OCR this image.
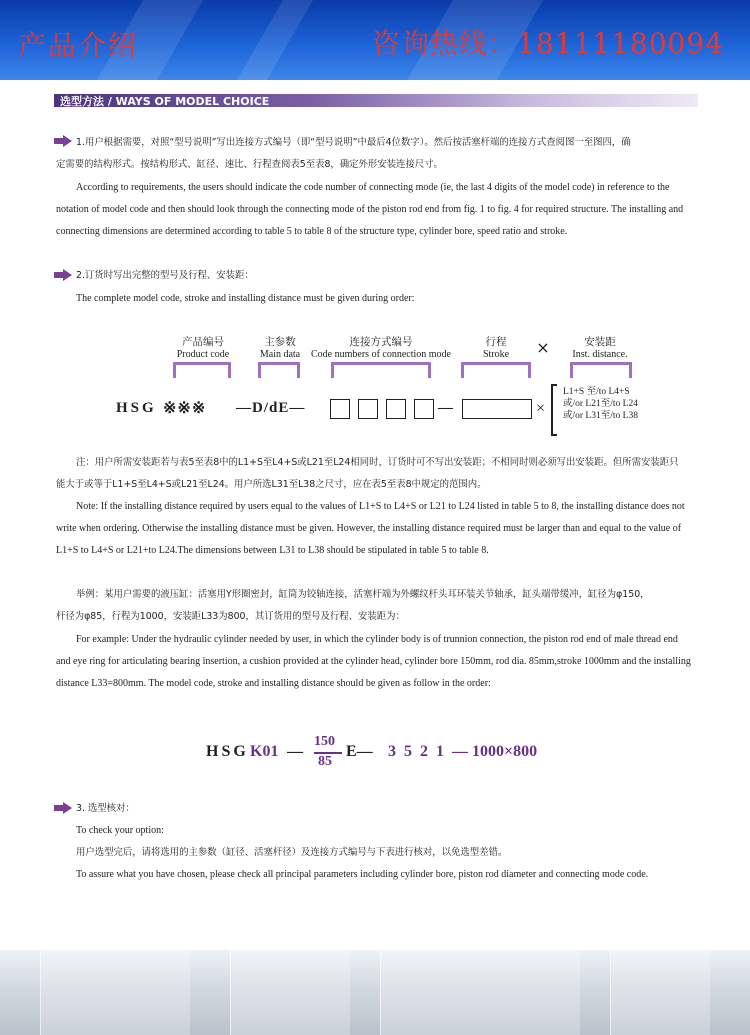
产品介绍	咨询热线：18111180094
选型方法 / WAYS OF MODEL CHOICE
1.用户根据需要，对照“型号说明”写出连接方式编号（即“型号说明”中最后4位数字）。然后按活塞杆端的连接方式查阅图一至图四，确
定需要的结构形式。按结构形式、缸径、速比、行程查阅表5至表8，确定外形安装连接尺寸。
According to requirements, the users should indicate the code number of connecting mode (ie, the last 4 digits of the model code) in reference to the
notation of model code and then should look through the connecting mode of the piston rod end from fig. 1 to fig. 4 for required structure. The installing and
connecting dimensions are determined according to table 5 to table 8 of the structure type, cylinder bore, speed ratio and stroke.
2.订货时写出完整的型号及行程、安装距：
The complete model code, stroke and installing distance must be given during order:
产品编号
Product code
主参数
Main data
连接方式编号
Code numbers of connection mode
行程
Stroke	×	安装距
Inst. distance.
HSG ※※※ —D/dE—	—	×
L1+S 至/to L4+S
或/or L21至/to L24
或/or L31至/to L38
注：用户所需安装距若与表5至表8中的L1+S至L4+S或L21至L24相同时，订货时可不写出安装距；不相同时则必须写出安装距。但所需安装距只
能大于或等于L1+S至L4+S或L21至L24。用户所选L31至L38之尺寸，应在表5至表8中规定的范围内。
Note: If the installing distance required by users equal to the values of L1+S to L4+S or L21 to L24 listed in table 5 to 8, the installing distance does not
write when ordering. Otherwise the installing distance must be given. However, the installing distance required must be larger than and equal to the value of
L1+S to L4+S or L21+to L24.The dimensions between L31 to L38 should be stipulated in table 5 to table 8.
举例：某用户需要的液压缸：活塞用Y形圈密封，缸筒为铰轴连接，活塞杆端为外螺纹杆头耳环装关节轴承，缸头端带缓冲，缸径为φ150，
杆径为φ85，行程为1000，安装距L33为800，其订货用的型号及行程、安装距为：
For example: Under the hydraulic cylinder needed by user, in which the cylinder body is of trunnion connection, the piston rod end of male thread end
and eye ring for articulating bearing insertion, a cushion provided at the cylinder head, cylinder bore 150mm, rod dia. 85mm,stroke 1000mm and the installing
distance L33=800mm. The model code, stroke and installing distance should be given as follow in the order:
HSG K01 —
150
85
E— 3 5 2 1 — 1000×800
3. 选型核对：
To check your option:
用户选型完后，请将选用的主参数（缸径、活塞杆径）及连接方式编号与下表进行核对，以免选型差错。
To assure what you have chosen, please check all principal parameters including cylinder bore, piston rod diameter and connecting mode code.
